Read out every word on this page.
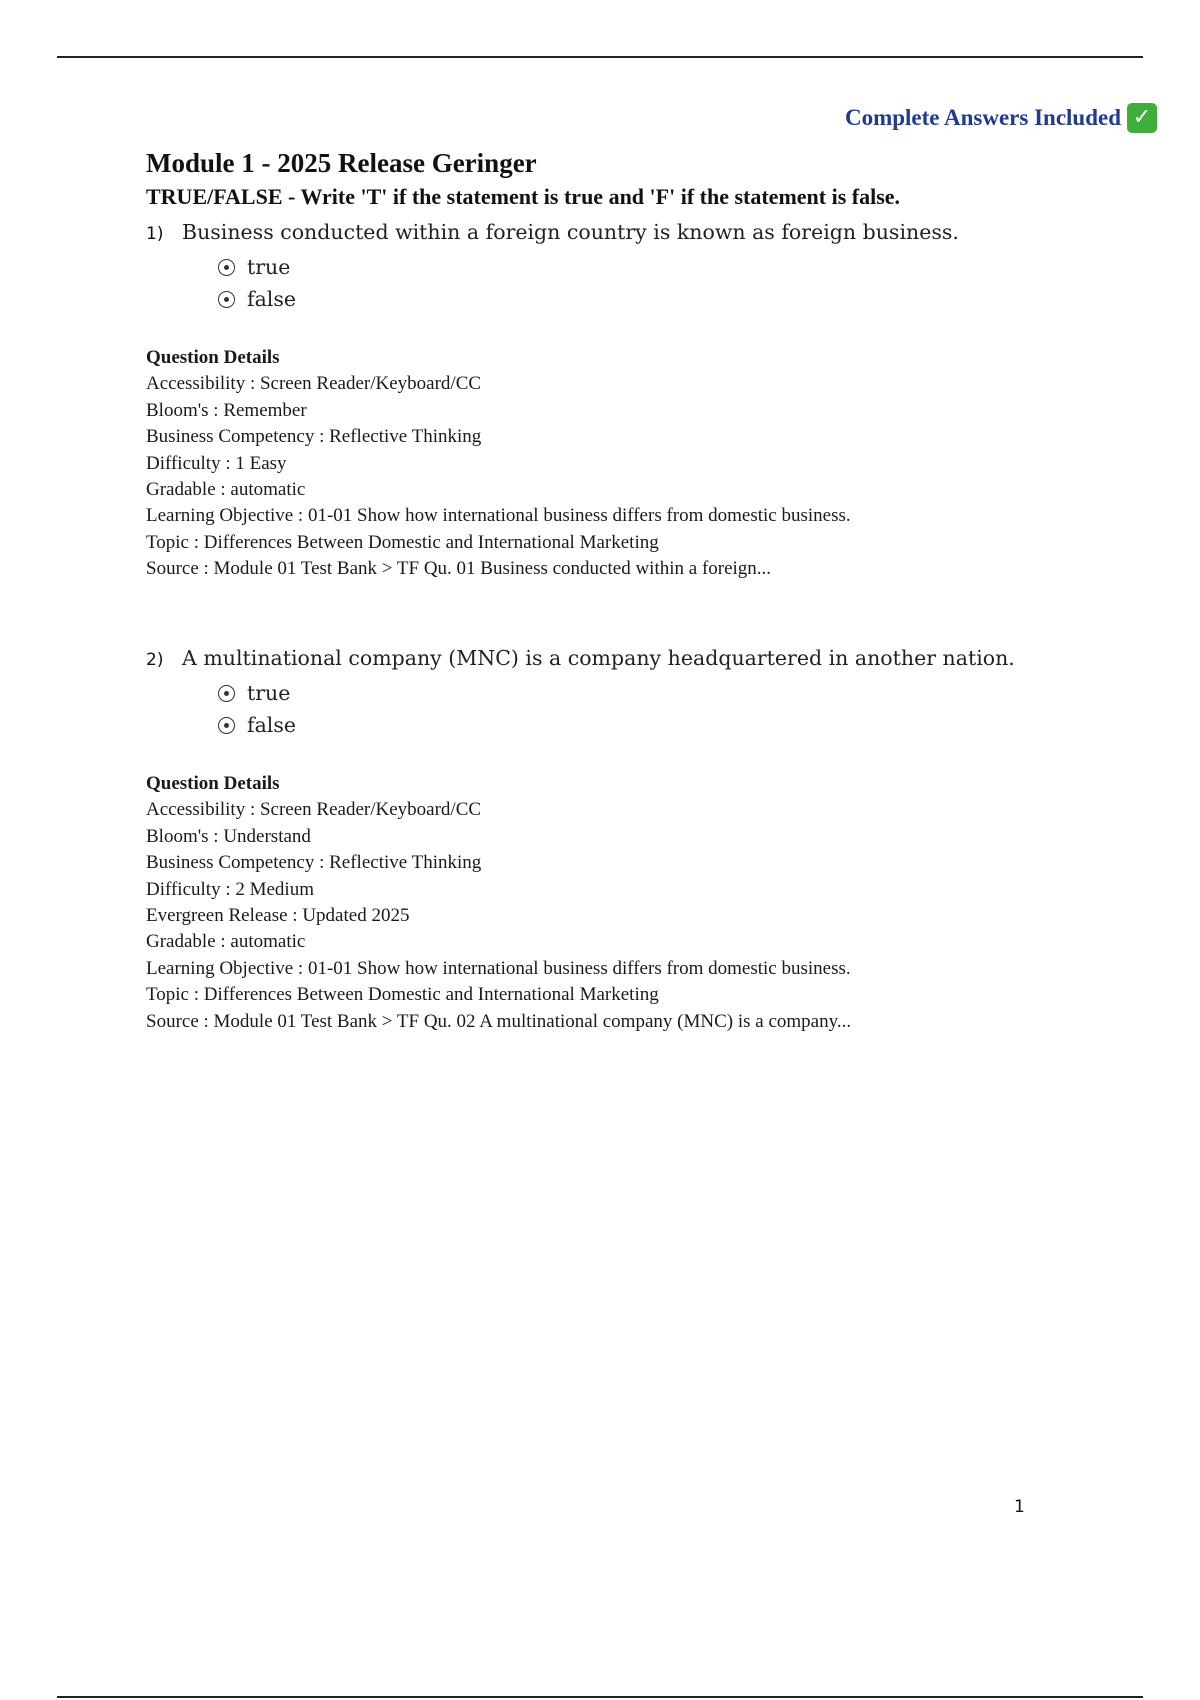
Complete Answers Included ✓
Module 1 - 2025 Release Geringer
TRUE/FALSE - Write 'T' if the statement is true and 'F' if the statement is false.
1) Business conducted within a foreign country is known as foreign business.
true
false
Question Details
Accessibility : Screen Reader/Keyboard/CC
Bloom's : Remember
Business Competency : Reflective Thinking
Difficulty : 1 Easy
Gradable : automatic
Learning Objective : 01-01 Show how international business differs from domestic business.
Topic : Differences Between Domestic and International Marketing
Source : Module 01 Test Bank > TF Qu. 01 Business conducted within a foreign...
2) A multinational company (MNC) is a company headquartered in another nation.
true
false
Question Details
Accessibility : Screen Reader/Keyboard/CC
Bloom's : Understand
Business Competency : Reflective Thinking
Difficulty : 2 Medium
Evergreen Release : Updated 2025
Gradable : automatic
Learning Objective : 01-01 Show how international business differs from domestic business.
Topic : Differences Between Domestic and International Marketing
Source : Module 01 Test Bank > TF Qu. 02 A multinational company (MNC) is a company...
1
